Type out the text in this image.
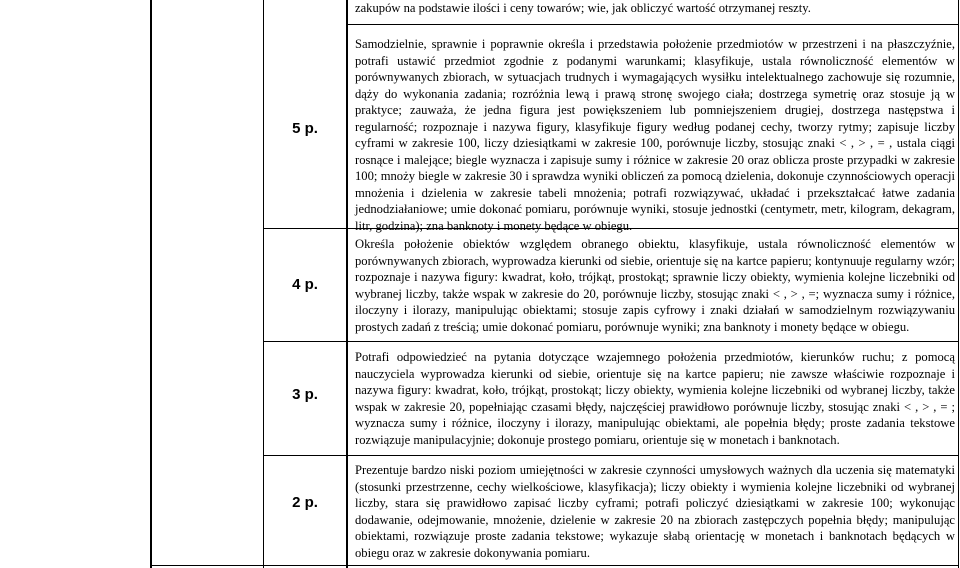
zakupów na podstawie ilości i ceny towarów; wie, jak obliczyć wartość otrzymanej reszty.
5 p.
Samodzielnie, sprawnie i poprawnie określa i przedstawia położenie przedmiotów w przestrzeni i na płaszczyźnie, potrafi ustawić przedmiot zgodnie z podanymi warunkami; klasyfikuje, ustala równoliczność elementów w porównywanych zbiorach, w sytuacjach trudnych i wymagających wysiłku intelektualnego zachowuje się rozumnie, dąży do wykonania zadania; rozróżnia lewą i prawą stronę swojego ciała; dostrzega symetrię oraz stosuje ją w praktyce; zauważa, że jedna figura jest powiększeniem lub pomniejszeniem drugiej, dostrzega następstwa i regularność; rozpoznaje i nazywa figury, klasyfikuje figury według podanej cechy, tworzy rytmy; zapisuje liczby cyframi w zakresie 100, liczy dziesiątkami w zakresie 100, porównuje liczby, stosując znaki < , > , = , ustala ciągi rosnące i malejące; biegle wyznacza i zapisuje sumy i różnice w zakresie 20 oraz oblicza proste przypadki w zakresie 100; mnoży biegle w zakresie 30 i sprawdza wyniki obliczeń za pomocą dzielenia, dokonuje czynnościowych operacji mnożenia i dzielenia w zakresie tabeli mnożenia; potrafi rozwiązywać, układać i przekształcać łatwe zadania jednodziałaniowe; umie dokonać pomiaru, porównuje wyniki, stosuje jednostki (centymetr, metr, kilogram, dekagram, litr, godzina); zna banknoty i monety będące w obiegu.
4 p.
Określa położenie obiektów względem obranego obiektu, klasyfikuje, ustala równoliczność elementów w porównywanych zbiorach, wyprowadza kierunki od siebie, orientuje się na kartce papieru; kontynuuje regularny wzór; rozpoznaje i nazywa figury: kwadrat, koło, trójkąt, prostokąt; sprawnie liczy obiekty, wymienia kolejne liczebniki od wybranej liczby, także wspak w zakresie do 20, porównuje liczby, stosując znaki < , > , =; wyznacza sumy i różnice, iloczyny i ilorazy, manipulując obiektami; stosuje zapis cyfrowy i znaki działań w samodzielnym rozwiązywaniu prostych zadań z treścią; umie dokonać pomiaru, porównuje wyniki; zna banknoty i monety będące w obiegu.
3 p.
Potrafi odpowiedzieć na pytania dotyczące wzajemnego położenia przedmiotów, kierunków ruchu; z pomocą nauczyciela wyprowadza kierunki od siebie, orientuje się na kartce papieru; nie zawsze właściwie rozpoznaje i nazywa figury: kwadrat, koło, trójkąt, prostokąt; liczy obiekty, wymienia kolejne liczebniki od wybranej liczby, także wspak w zakresie 20, popełniając czasami błędy, najczęściej prawidłowo porównuje liczby, stosując znaki < , > , = ; wyznacza sumy i różnice, iloczyny i ilorazy, manipulując obiektami, ale popełnia błędy; proste zadania tekstowe rozwiązuje manipulacyjnie; dokonuje prostego pomiaru, orientuje się w monetach i banknotach.
2 p.
Prezentuje bardzo niski poziom umiejętności w zakresie czynności umysłowych ważnych dla uczenia się matematyki (stosunki przestrzenne, cechy wielkościowe, klasyfikacja); liczy obiekty i wymienia kolejne liczebniki od wybranej liczby, stara się prawidłowo zapisać liczby cyframi; potrafi policzyć dziesiątkami w zakresie 100; wykonując dodawanie, odejmowanie, mnożenie, dzielenie w zakresie 20 na zbiorach zastępczych popełnia błędy; manipulując obiektami, rozwiązuje proste zadania tekstowe; wykazuje słabą orientację w monetach i banknotach będących w obiegu oraz w zakresie dokonywania pomiaru.
